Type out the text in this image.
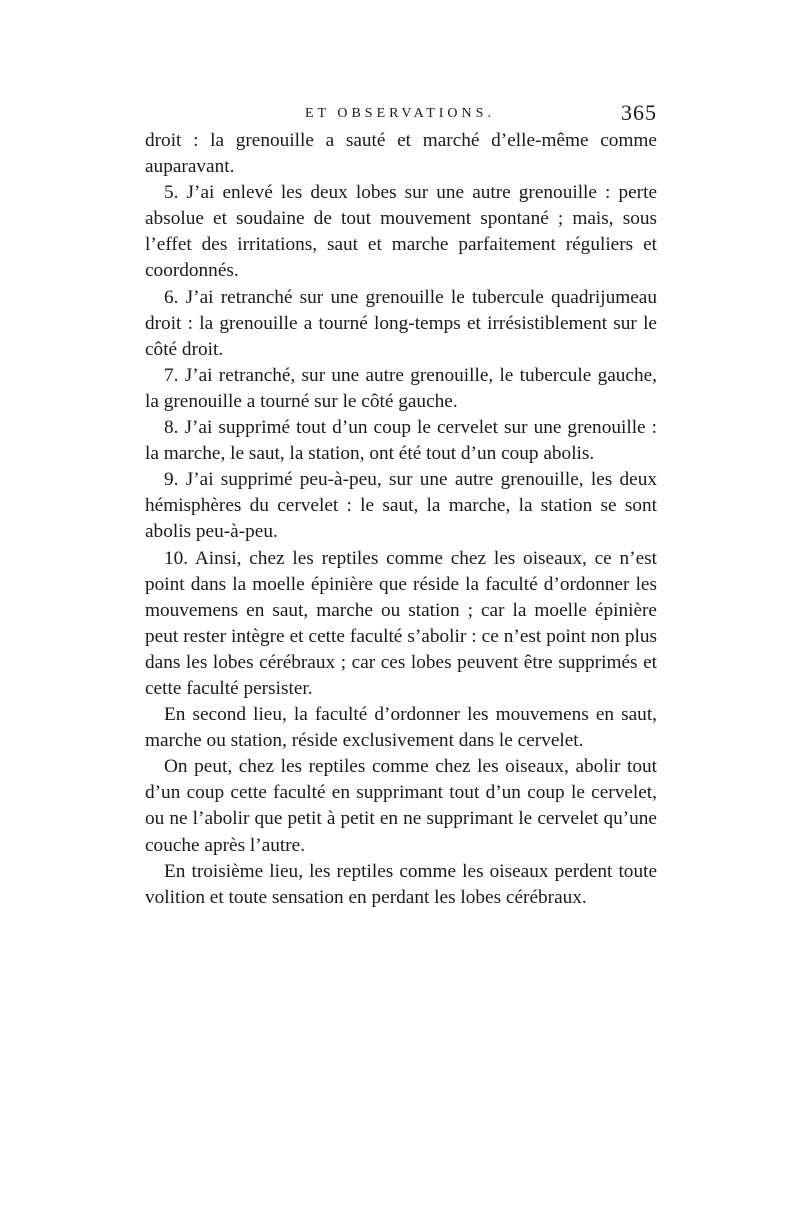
ET OBSERVATIONS.	365

droit : la grenouille a sauté et marché d’elle-même comme auparavant.

5. J’ai enlevé les deux lobes sur une autre grenouille : perte absolue et soudaine de tout mouvement spontané ; mais, sous l’effet des irritations, saut et marche parfaitement réguliers et coordonnés.

6. J’ai retranché sur une grenouille le tubercule quadrijumeau droit : la grenouille a tourné long-temps et irrésistiblement sur le côté droit.

7. J’ai retranché, sur une autre grenouille, le tubercule gauche, la grenouille a tourné sur le côté gauche.

8. J’ai supprimé tout d’un coup le cervelet sur une grenouille : la marche, le saut, la station, ont été tout d’un coup abolis.

9. J’ai supprimé peu-à-peu, sur une autre grenouille, les deux hémisphères du cervelet : le saut, la marche, la station se sont abolis peu-à-peu.

10. Ainsi, chez les reptiles comme chez les oiseaux, ce n’est point dans la moelle épinière que réside la faculté d’ordonner les mouvemens en saut, marche ou station ; car la moelle épinière peut rester intègre et cette faculté s’abolir : ce n’est point non plus dans les lobes cérébraux ; car ces lobes peuvent être supprimés et cette faculté persister.

En second lieu, la faculté d’ordonner les mouvemens en saut, marche ou station, réside exclusivement dans le cervelet.

On peut, chez les reptiles comme chez les oiseaux, abolir tout d’un coup cette faculté en supprimant tout d’un coup le cervelet, ou ne l’abolir que petit à petit en ne supprimant le cervelet qu’une couche après l’autre.

En troisième lieu, les reptiles comme les oiseaux perdent toute volition et toute sensation en perdant les lobes cérébraux.
